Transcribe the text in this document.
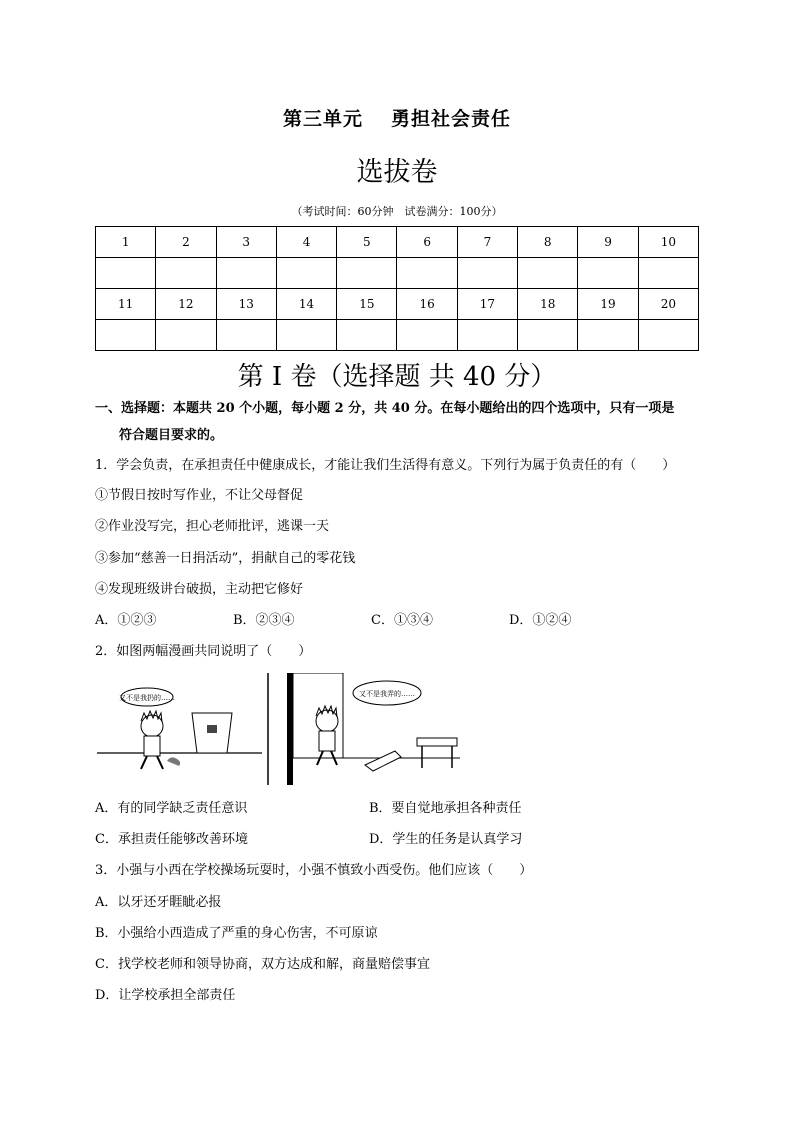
第三单元 勇担社会责任
选拔卷
（考试时间：60分钟　试卷满分：100分）
1	2	3	4	5	6	7	8	9	10

11	12	13	14	15	16	17	18	19	20

第 I 卷（选择题 共 40 分）
一、选择题：本题共 20 个小题，每小题 2 分，共 40 分。在每小题给出的四个选项中，只有一项是
符合题目要求的。
1．学会负责，在承担责任中健康成长，才能让我们生活得有意义。下列行为属于负责任的有（　　）
①节假日按时写作业，不让父母督促
②作业没写完，担心老师批评，逃课一天
③参加“慈善一日捐活动”，捐献自己的零花钱
④发现班级讲台破损，主动把它修好
A．①②③	B．②③④	C．①③④	D．①②④
2．如图两幅漫画共同说明了（　　）
又不是我扔的……	又不是我弄的……
A．有的同学缺乏责任意识	B．要自觉地承担各种责任
C．承担责任能够改善环境	D．学生的任务是认真学习
3．小强与小西在学校操场玩耍时，小强不慎致小西受伤。他们应该（　　）
A．以牙还牙睚眦必报
B．小强给小西造成了严重的身心伤害，不可原谅
C．找学校老师和领导协商，双方达成和解，商量赔偿事宜
D．让学校承担全部责任
